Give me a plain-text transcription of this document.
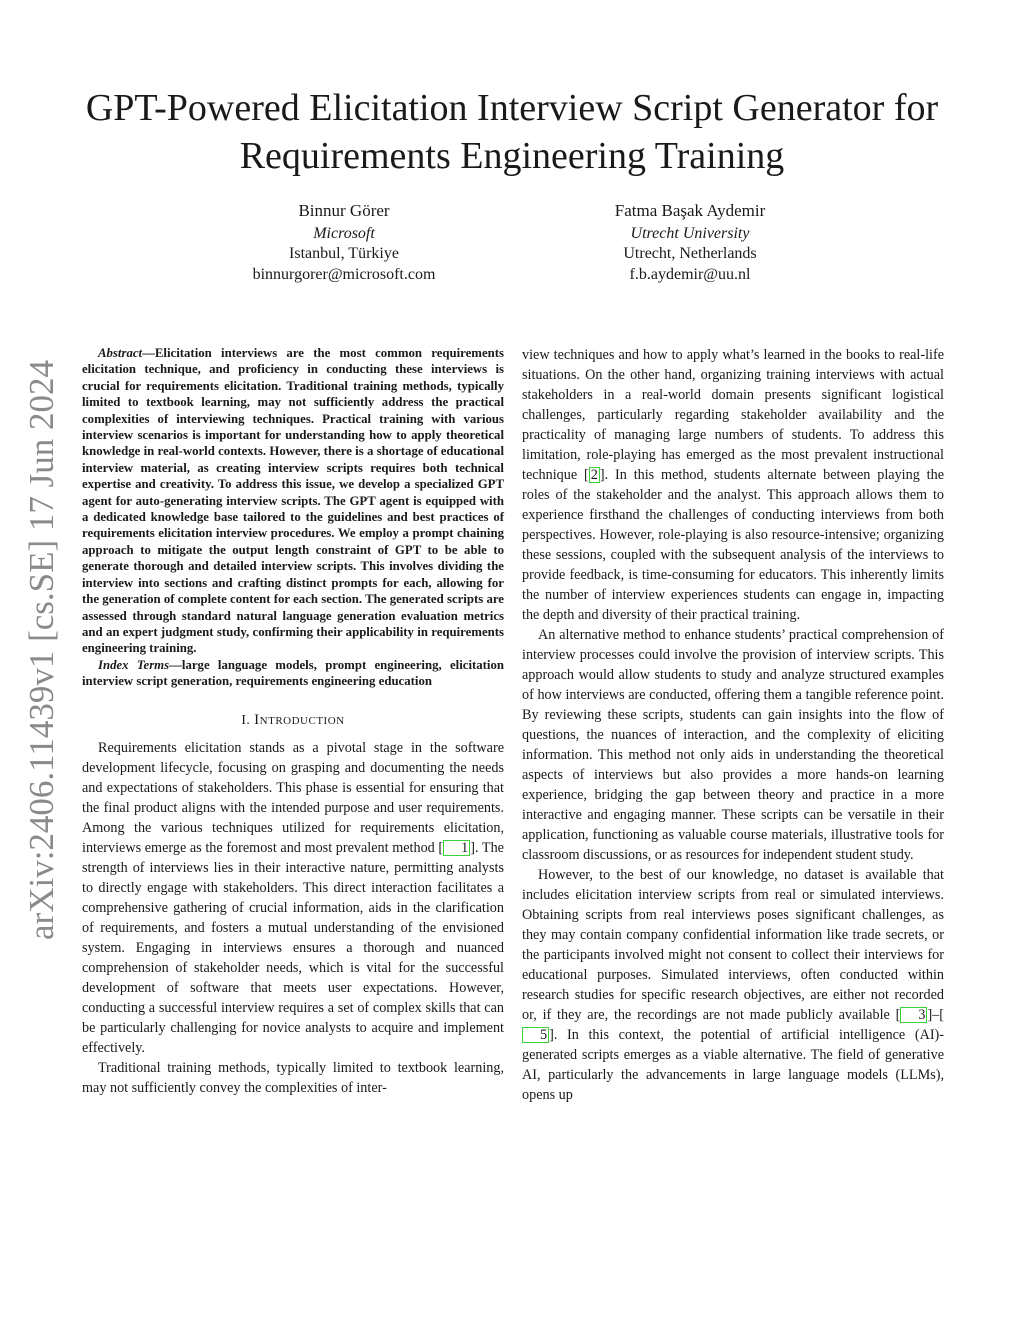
arXiv:2406.11439v1 [cs.SE] 17 Jun 2024
GPT-Powered Elicitation Interview Script Generator for Requirements Engineering Training
Binnur Görer
Microsoft
Istanbul, Türkiye
binnurgorer@microsoft.com
Fatma Başak Aydemir
Utrecht University
Utrecht, Netherlands
f.b.aydemir@uu.nl

Abstract—Elicitation interviews are the most common requirements elicitation technique, and proficiency in conducting these interviews is crucial for requirements elicitation. Traditional training methods, typically limited to textbook learning, may not sufficiently address the practical complexities of interviewing techniques. Practical training with various interview scenarios is important for understanding how to apply theoretical knowledge in real-world contexts. However, there is a shortage of educational interview material, as creating interview scripts requires both technical expertise and creativity. To address this issue, we develop a specialized GPT agent for auto-generating interview scripts. The GPT agent is equipped with a dedicated knowledge base tailored to the guidelines and best practices of requirements elicitation interview procedures. We employ a prompt chaining approach to mitigate the output length constraint of GPT to be able to generate thorough and detailed interview scripts. This involves dividing the interview into sections and crafting distinct prompts for each, allowing for the generation of complete content for each section. The generated scripts are assessed through standard natural language generation evaluation metrics and an expert judgment study, confirming their applicability in requirements engineering training.

Index Terms—large language models, prompt engineering, elicitation interview script generation, requirements engineering education

I. Introduction

Requirements elicitation stands as a pivotal stage in the software development lifecycle, focusing on grasping and documenting the needs and expectations of stakeholders. This phase is essential for ensuring that the final product aligns with the intended purpose and user requirements. Among the various techniques utilized for requirements elicitation, interviews emerge as the foremost and most prevalent method [ 1 ]. The strength of interviews lies in their interactive nature, permitting analysts to directly engage with stakeholders. This direct interaction facilitates a comprehensive gathering of crucial information, aids in the clarification of requirements, and fosters a mutual understanding of the envisioned system. Engaging in interviews ensures a thorough and nuanced comprehension of stakeholder needs, which is vital for the successful development of software that meets user expectations. However, conducting a successful interview requires a set of complex skills that can be particularly challenging for novice analysts to acquire and implement effectively.

Traditional training methods, typically limited to textbook learning, may not sufficiently convey the complexities of inter-

view techniques and how to apply what’s learned in the books to real-life situations. On the other hand, organizing training interviews with actual stakeholders in a real-world domain presents significant logistical challenges, particularly regarding stakeholder availability and the practicality of managing large numbers of students. To address this limitation, role-playing has emerged as the most prevalent instructional technique [ 2 ]. In this method, students alternate between playing the roles of the stakeholder and the analyst. This approach allows them to experience firsthand the challenges of conducting interviews from both perspectives. However, role-playing is also resource-intensive; organizing these sessions, coupled with the subsequent analysis of the interviews to provide feedback, is time-consuming for educators. This inherently limits the number of interview experiences students can engage in, impacting the depth and diversity of their practical training.

An alternative method to enhance students’ practical comprehension of interview processes could involve the provision of interview scripts. This approach would allow students to study and analyze structured examples of how interviews are conducted, offering them a tangible reference point. By reviewing these scripts, students can gain insights into the flow of questions, the nuances of interaction, and the complexity of eliciting information. This method not only aids in understanding the theoretical aspects of interviews but also provides a more hands-on learning experience, bridging the gap between theory and practice in a more interactive and engaging manner. These scripts can be versatile in their application, functioning as valuable course materials, illustrative tools for classroom discussions, or as resources for independent student study.

However, to the best of our knowledge, no dataset is available that includes elicitation interview scripts from real or simulated interviews. Obtaining scripts from real interviews poses significant challenges, as they may contain company confidential information like trade secrets, or the participants involved might not consent to collect their interviews for educational purposes. Simulated interviews, often conducted within research studies for specific research objectives, are either not recorded or, if they are, the recordings are not made publicly available [ 3 ]–[5 ]. In this context, the potential of artificial intelligence (AI)-generated scripts emerges as a viable alternative. The field of generative AI, particularly the advancements in large language models (LLMs), opens up
